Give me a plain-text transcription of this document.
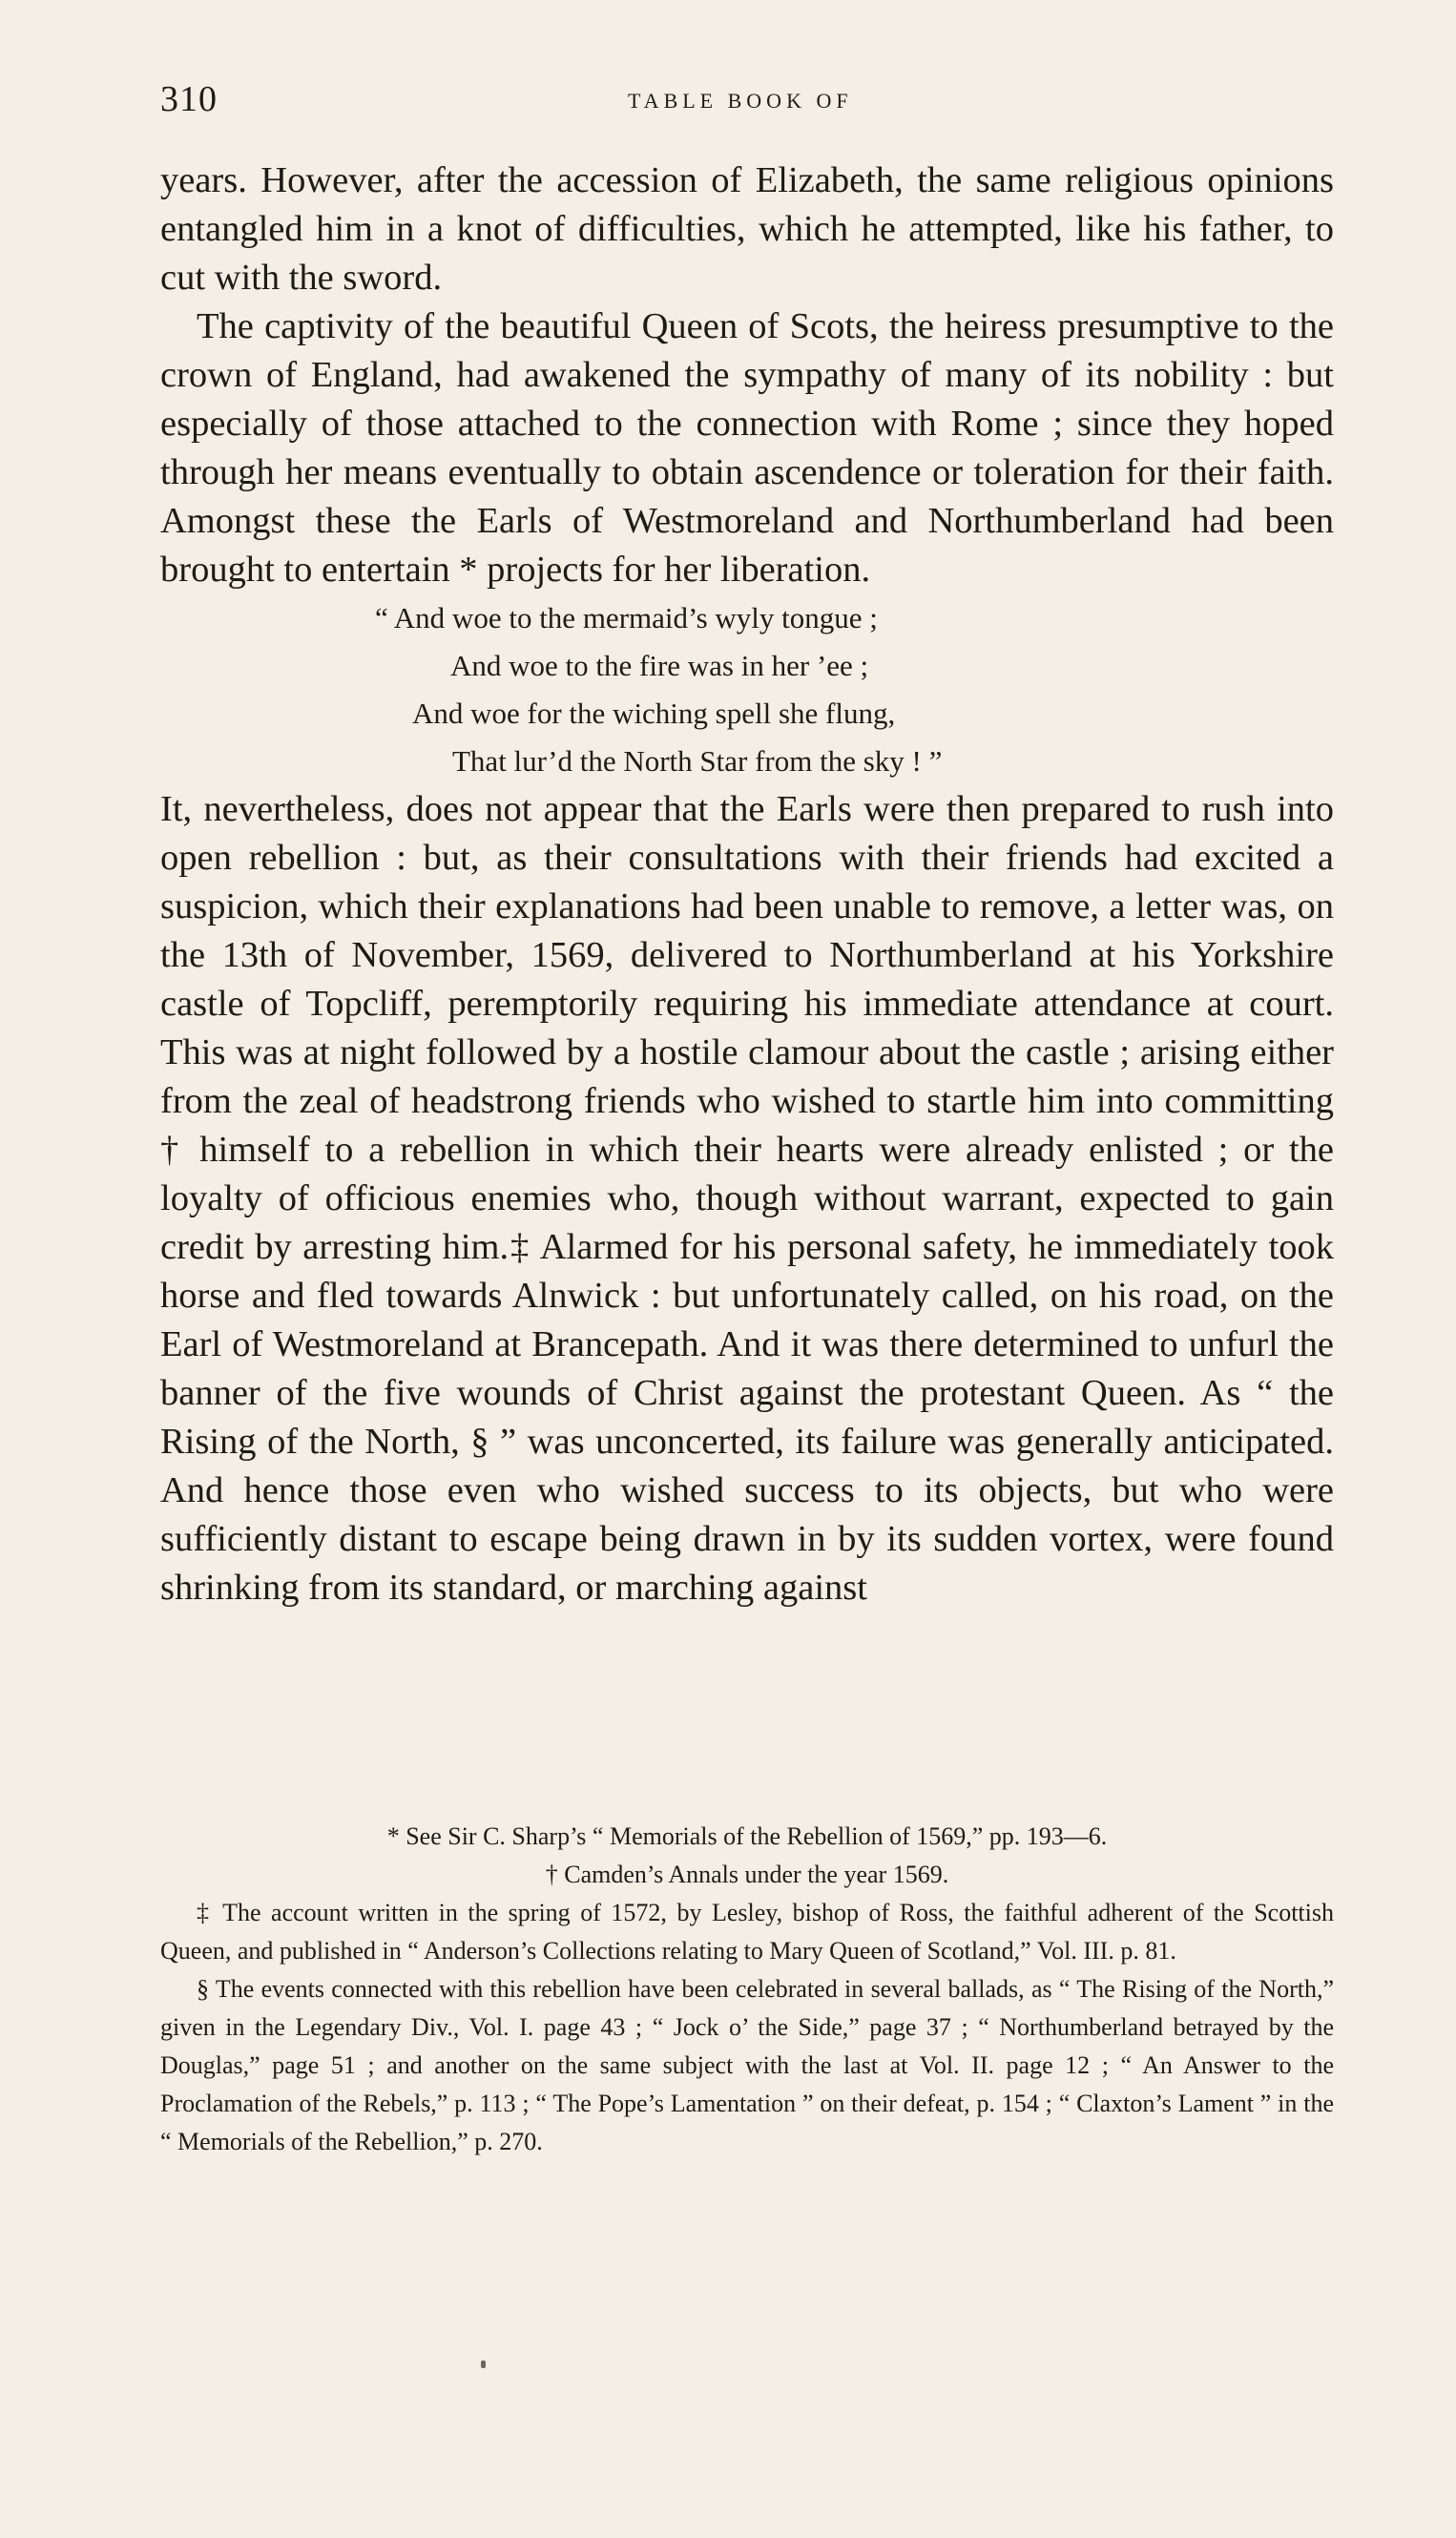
310	TABLE BOOK OF

years. However, after the accession of Elizabeth, the same religious opinions entangled him in a knot of difficulties, which he attempted, like his father, to cut with the sword.

The captivity of the beautiful Queen of Scots, the heiress presumptive to the crown of England, had awakened the sympathy of many of its nobility : but especially of those attached to the connection with Rome ; since they hoped through her means eventually to obtain ascendence or toleration for their faith. Amongst these the Earls of Westmoreland and Northumberland had been brought to entertain * projects for her liberation.

“ And woe to the mermaid’s wyly tongue ;
And woe to the fire was in her ’ee ;
And woe for the wiching spell she flung,
That lur’d the North Star from the sky ! ”

It, nevertheless, does not appear that the Earls were then prepared to rush into open rebellion : but, as their consultations with their friends had excited a suspicion, which their explanations had been unable to remove, a letter was, on the 13th of November, 1569, delivered to Northumberland at his Yorkshire castle of Topcliff, peremptorily requiring his immediate attendance at court. This was at night followed by a hostile clamour about the castle ; arising either from the zeal of headstrong friends who wished to startle him into committing † himself to a rebellion in which their hearts were already enlisted ; or the loyalty of officious enemies who, though without warrant, expected to gain credit by arresting him.‡ Alarmed for his personal safety, he immediately took horse and fled towards Alnwick : but unfortunately called, on his road, on the Earl of Westmoreland at Brancepath. And it was there determined to unfurl the banner of the five wounds of Christ against the protestant Queen. As “ the Rising of the North, § ” was unconcerted, its failure was generally anticipated. And hence those even who wished success to its objects, but who were sufficiently distant to escape being drawn in by its sudden vortex, were found shrinking from its standard, or marching against

* See Sir C. Sharp’s “ Memorials of the Rebellion of 1569,” pp. 193—6.

† Camden’s Annals under the year 1569.

‡ The account written in the spring of 1572, by Lesley, bishop of Ross, the faithful adherent of the Scottish Queen, and published in “ Anderson’s Collections relating to Mary Queen of Scotland,” Vol. III. p. 81.

§ The events connected with this rebellion have been celebrated in several ballads, as “ The Rising of the North,” given in the Legendary Div., Vol. I. page 43 ; “ Jock o’ the Side,” page 37 ; “ Northumberland betrayed by the Douglas,” page 51 ; and another on the same subject with the last at Vol. II. page 12 ; “ An Answer to the Proclamation of the Rebels,” p. 113 ; “ The Pope’s Lamentation ” on their defeat, p. 154 ; “ Claxton’s Lament ” in the “ Memorials of the Rebellion,” p. 270.
